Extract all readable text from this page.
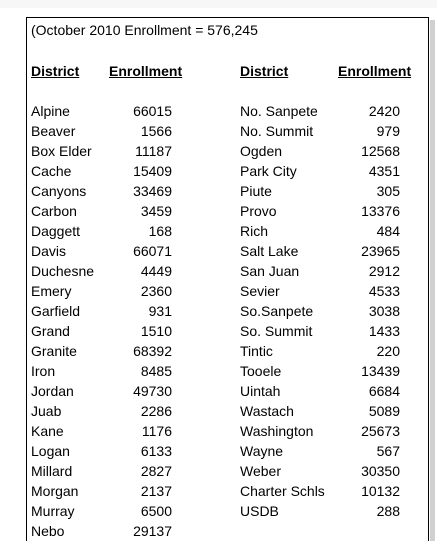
(October 2010 Enrollment = 576,245
District Enrollment	District	Enrollment
Alpine
Beaver
Box Elder
Cache
Canyons
Carbon
Daggett
Davis
Duchesne
Emery
Garfield
Grand
Granite
Iron
Jordan
Juab
Kane
Logan
Millard
Morgan
Murray
Nebo
66015
1566
11187
15409
33469
3459
168
66071
4449
2360
931
1510
68392
8485
49730
2286
1176
6133
2827
2137
6500
29137
No. Sanpete
No. Summit
Ogden
Park City
Piute
Provo
Rich
Salt Lake
San Juan
Sevier
So.Sanpete
So. Summit
Tintic
Tooele
Uintah
Wastach
Washington
Wayne
Weber
Charter Schls
USDB
2420
979
12568
4351
305
13376
484
23965
2912
4533
3038
1433
220
13439
6684
5089
25673
567
30350
10132
288
